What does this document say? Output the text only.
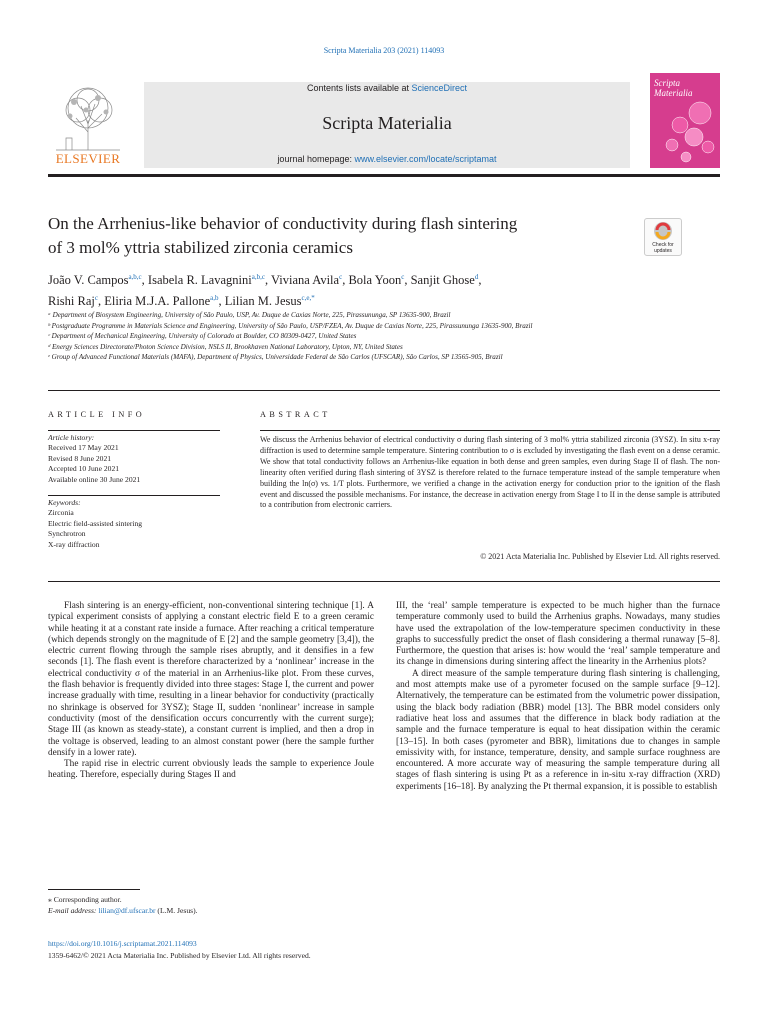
Scripta Materialia 203 (2021) 114093
ELSEVIER
Contents lists available at ScienceDirect
Scripta Materialia
journal homepage: www.elsevier.com/locate/scriptamat
Scripta
Materialia
On the Arrhenius-like behavior of conductivity during flash sintering
of 3 mol% yttria stabilized zirconia ceramics	Check for updates
João V. Campos$^{a,b,c}$, Isabela R. Lavagnini$^{a,b,c}$, Viviana Avila$^c$, Bola Yoon$^c$, Sanjit Ghose$^d$,
Rishi Raj$^c$, Eliria M.J.A. Pallone$^{a,b}$, Lilian M. Jesus$^{c,e,*}$
ᵃ Department of Biosystem Engineering, University of São Paulo, USP, Av. Duque de Caxias Norte, 225, Pirassununga, SP 13635-900, Brazil
ᵇ Postgraduate Programme in Materials Science and Engineering, University of São Paulo, USP/FZEA, Av. Duque de Caxias Norte, 225, Pirassununga 13635-900, Brazil
ᶜ Department of Mechanical Engineering, University of Colorado at Boulder, CO 80309-0427, United States
ᵈ Energy Sciences Directorate/Photon Science Division, NSLS II, Brookhaven National Laboratory, Upton, NY, United States
ᵉ Group of Advanced Functional Materials (MAFA), Department of Physics, Universidade Federal de São Carlos (UFSCAR), São Carlos, SP 13565-905, Brazil
ARTICLE INFO
Article history:
Received 17 May 2021
Revised 8 June 2021
Accepted 10 June 2021
Available online 30 June 2021
Keywords:
Zirconia
Electric field-assisted sintering
Synchrotron
X-ray diffraction
ABSTRACT
We discuss the Arrhenius behavior of electrical conductivity σ during flash sintering of 3 mol% yttria stabilized zirconia (3YSZ). In situ x-ray diffraction is used to determine sample temperature. Sintering contribution to σ is excluded by investigating the flash event on a dense ceramic. We show that total conductivity follows an Arrhenius-like equation in both dense and green samples, even during Stage II of flash. The non-linearity often verified during flash sintering of 3YSZ is therefore related to the furnace temperature instead of the sample temperature when building the ln(σ) vs. 1/T plots. Furthermore, we verified a change in the activation energy for conduction prior to the ignition of the flash event and discussed the possible mechanisms. For instance, the decrease in activation energy from Stage I to II in the dense sample is attributed to a contribution from electronic carriers.
© 2021 Acta Materialia Inc. Published by Elsevier Ltd. All rights reserved.

Flash sintering is an energy-efficient, non-conventional sintering technique [1]. A typical experiment consists of applying a constant electric field E to a green ceramic while heating it at a constant rate inside a furnace. After reaching a critical temperature (which depends strongly on the magnitude of E [2] and the sample geometry [3,4]), the electric current flowing through the sample rises abruptly, and it densifies in a few seconds [1]. The flash event is therefore characterized by a ‘nonlinear’ increase in the electrical conductivity σ of the material in an Arrhenius-like plot. From these curves, the flash behavior is frequently divided into three stages: Stage I, the current and power increase gradually with time, resulting in a linear behavior for conductivity (practically no shrinkage is observed for 3YSZ); Stage II, sudden ‘nonlinear’ increase in sample conductivity (most of the densification occurs concurrently with the current surge); Stage III (as known as steady-state), a constant current is implied, and then a drop in the voltage is observed, leading to an almost constant power (here the sample further densify in a lower rate).

The rapid rise in electric current obviously leads the sample to experience Joule heating. Therefore, especially during Stages II and

III, the ‘real’ sample temperature is expected to be much higher than the furnace temperature commonly used to build the Arrhenius graphs. Nowadays, many studies have used the extrapolation of the low-temperature specimen conductivity in these graphs to successfully predict the onset of flash considering a thermal runaway [5–8]. Furthermore, the question that arises is: how would the ‘real’ sample temperature and its change in dimensions during sintering affect the linearity in the Arrhenius plots?

A direct measure of the sample temperature during flash sintering is challenging, and most attempts make use of a pyrometer focused on the sample surface [9–12]. Alternatively, the temperature can be estimated from the volumetric power dissipation, using the black body radiation (BBR) model [13]. The BBR model considers only radiative heat loss and assumes that the difference in black body radiation at the sample and the furnace temperature is equal to heat dissipation within the ceramic [13–15]. In both cases (pyrometer and BBR), limitations due to changes in sample emissivity with, for instance, temperature, density, and sample surface roughness are encountered. A more accurate way of measuring the sample temperature during all stages of flash sintering is using Pt as a reference in in-situ x-ray diffraction (XRD) experiments [16–18]. By analyzing the Pt thermal expansion, it is possible to establish

⁎ Corresponding author.
E-mail address: lilian@df.ufscar.br (L.M. Jesus).
https://doi.org/10.1016/j.scriptamat.2021.114093
1359-6462/© 2021 Acta Materialia Inc. Published by Elsevier Ltd. All rights reserved.
